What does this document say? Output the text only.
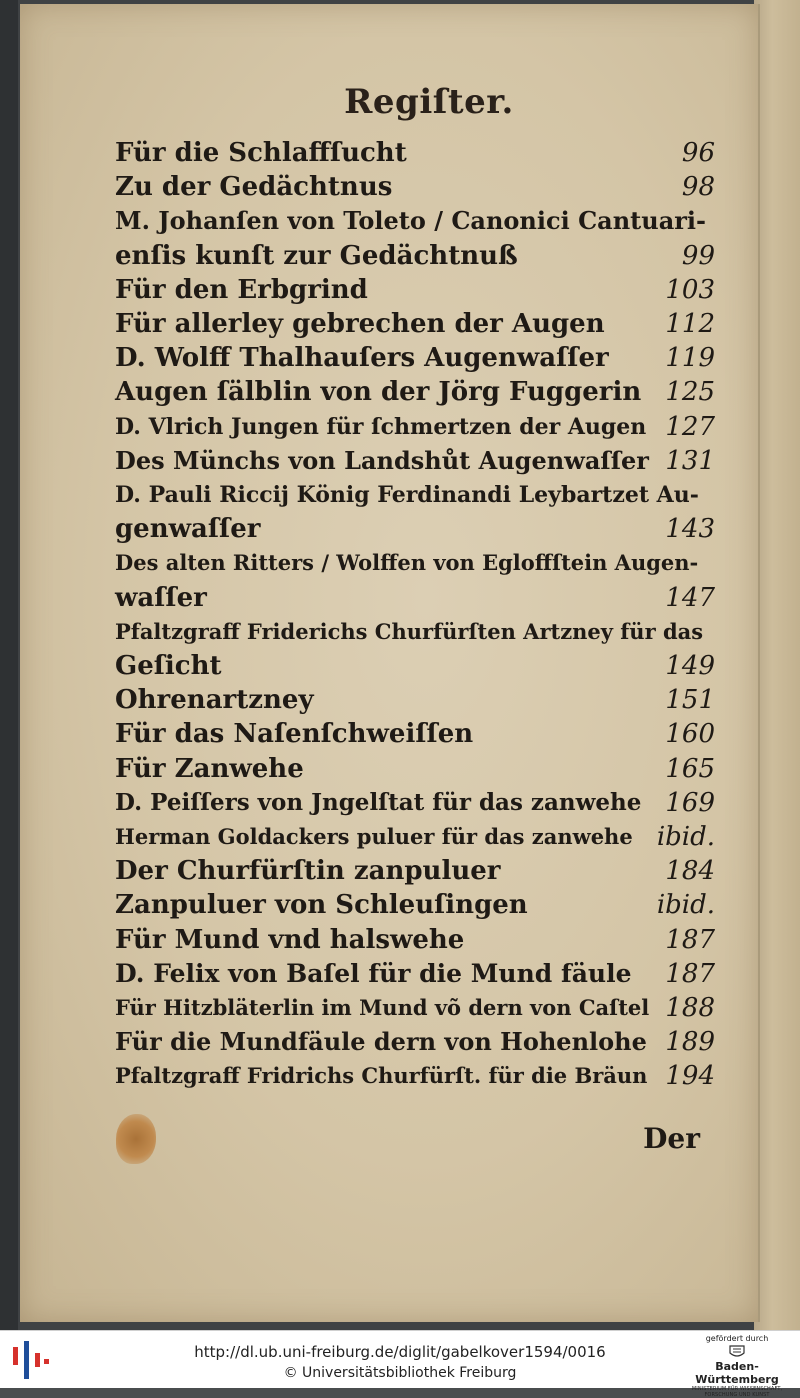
Regiſter.
Für die Schlaffſucht	96
Zu der Gedächtnus	98
M. Johanſen von Toleto / Canonici Cantuari-
enſis kunſt zur Gedächtnuß	99
Für den Erbgrind	103
Für allerley gebrechen der Augen 112
D. Wolff Thalhauſers Augenwaſſer 119
Augen ſälblin von der Jörg Fuggerin 125
D. Vlrich Jungen für ſchmertzen der Augen 127
Des Münchs von Landshůt Augenwaſſer 131
D. Pauli Riccij König Ferdinandi Leybartzet Au-
genwaſſer	143
Des alten Ritters / Wolffen von Egloffſtein Augen-
waſſer	147
Pfaltzgraff Friderichs Churfürſten Artzney für das
Geſicht	149
Ohrenartzney	151
Für das Naſenſchweiſſen	160
Für Zanwehe	165
D. Peiſſers von Jngelſtat für das zanwehe 169
Herman Goldackers puluer für das zanwehe ibid.
Der Churfürſtin zanpuluer	184
Zanpuluer von Schleuſingen	ibid.
Für Mund vnd halswehe	187
D. Felix von Baſel für die Mund fäule 187
Für Hitzbläterlin im Mund võ dern von Caſtel 188
Für die Mundfäule dern von Hohenlohe 189
Pfaltzgraff Fridrichs Churfürſt. für die Bräun 194
Der
http://dl.ub.uni-freiburg.de/diglit/gabelkover1594/0016
© Universitätsbibliothek Freiburg
gefördert durch
Baden-Württemberg
MINISTERIUM FÜR WISSENSCHAFT, FORSCHUNG UND KUNST
